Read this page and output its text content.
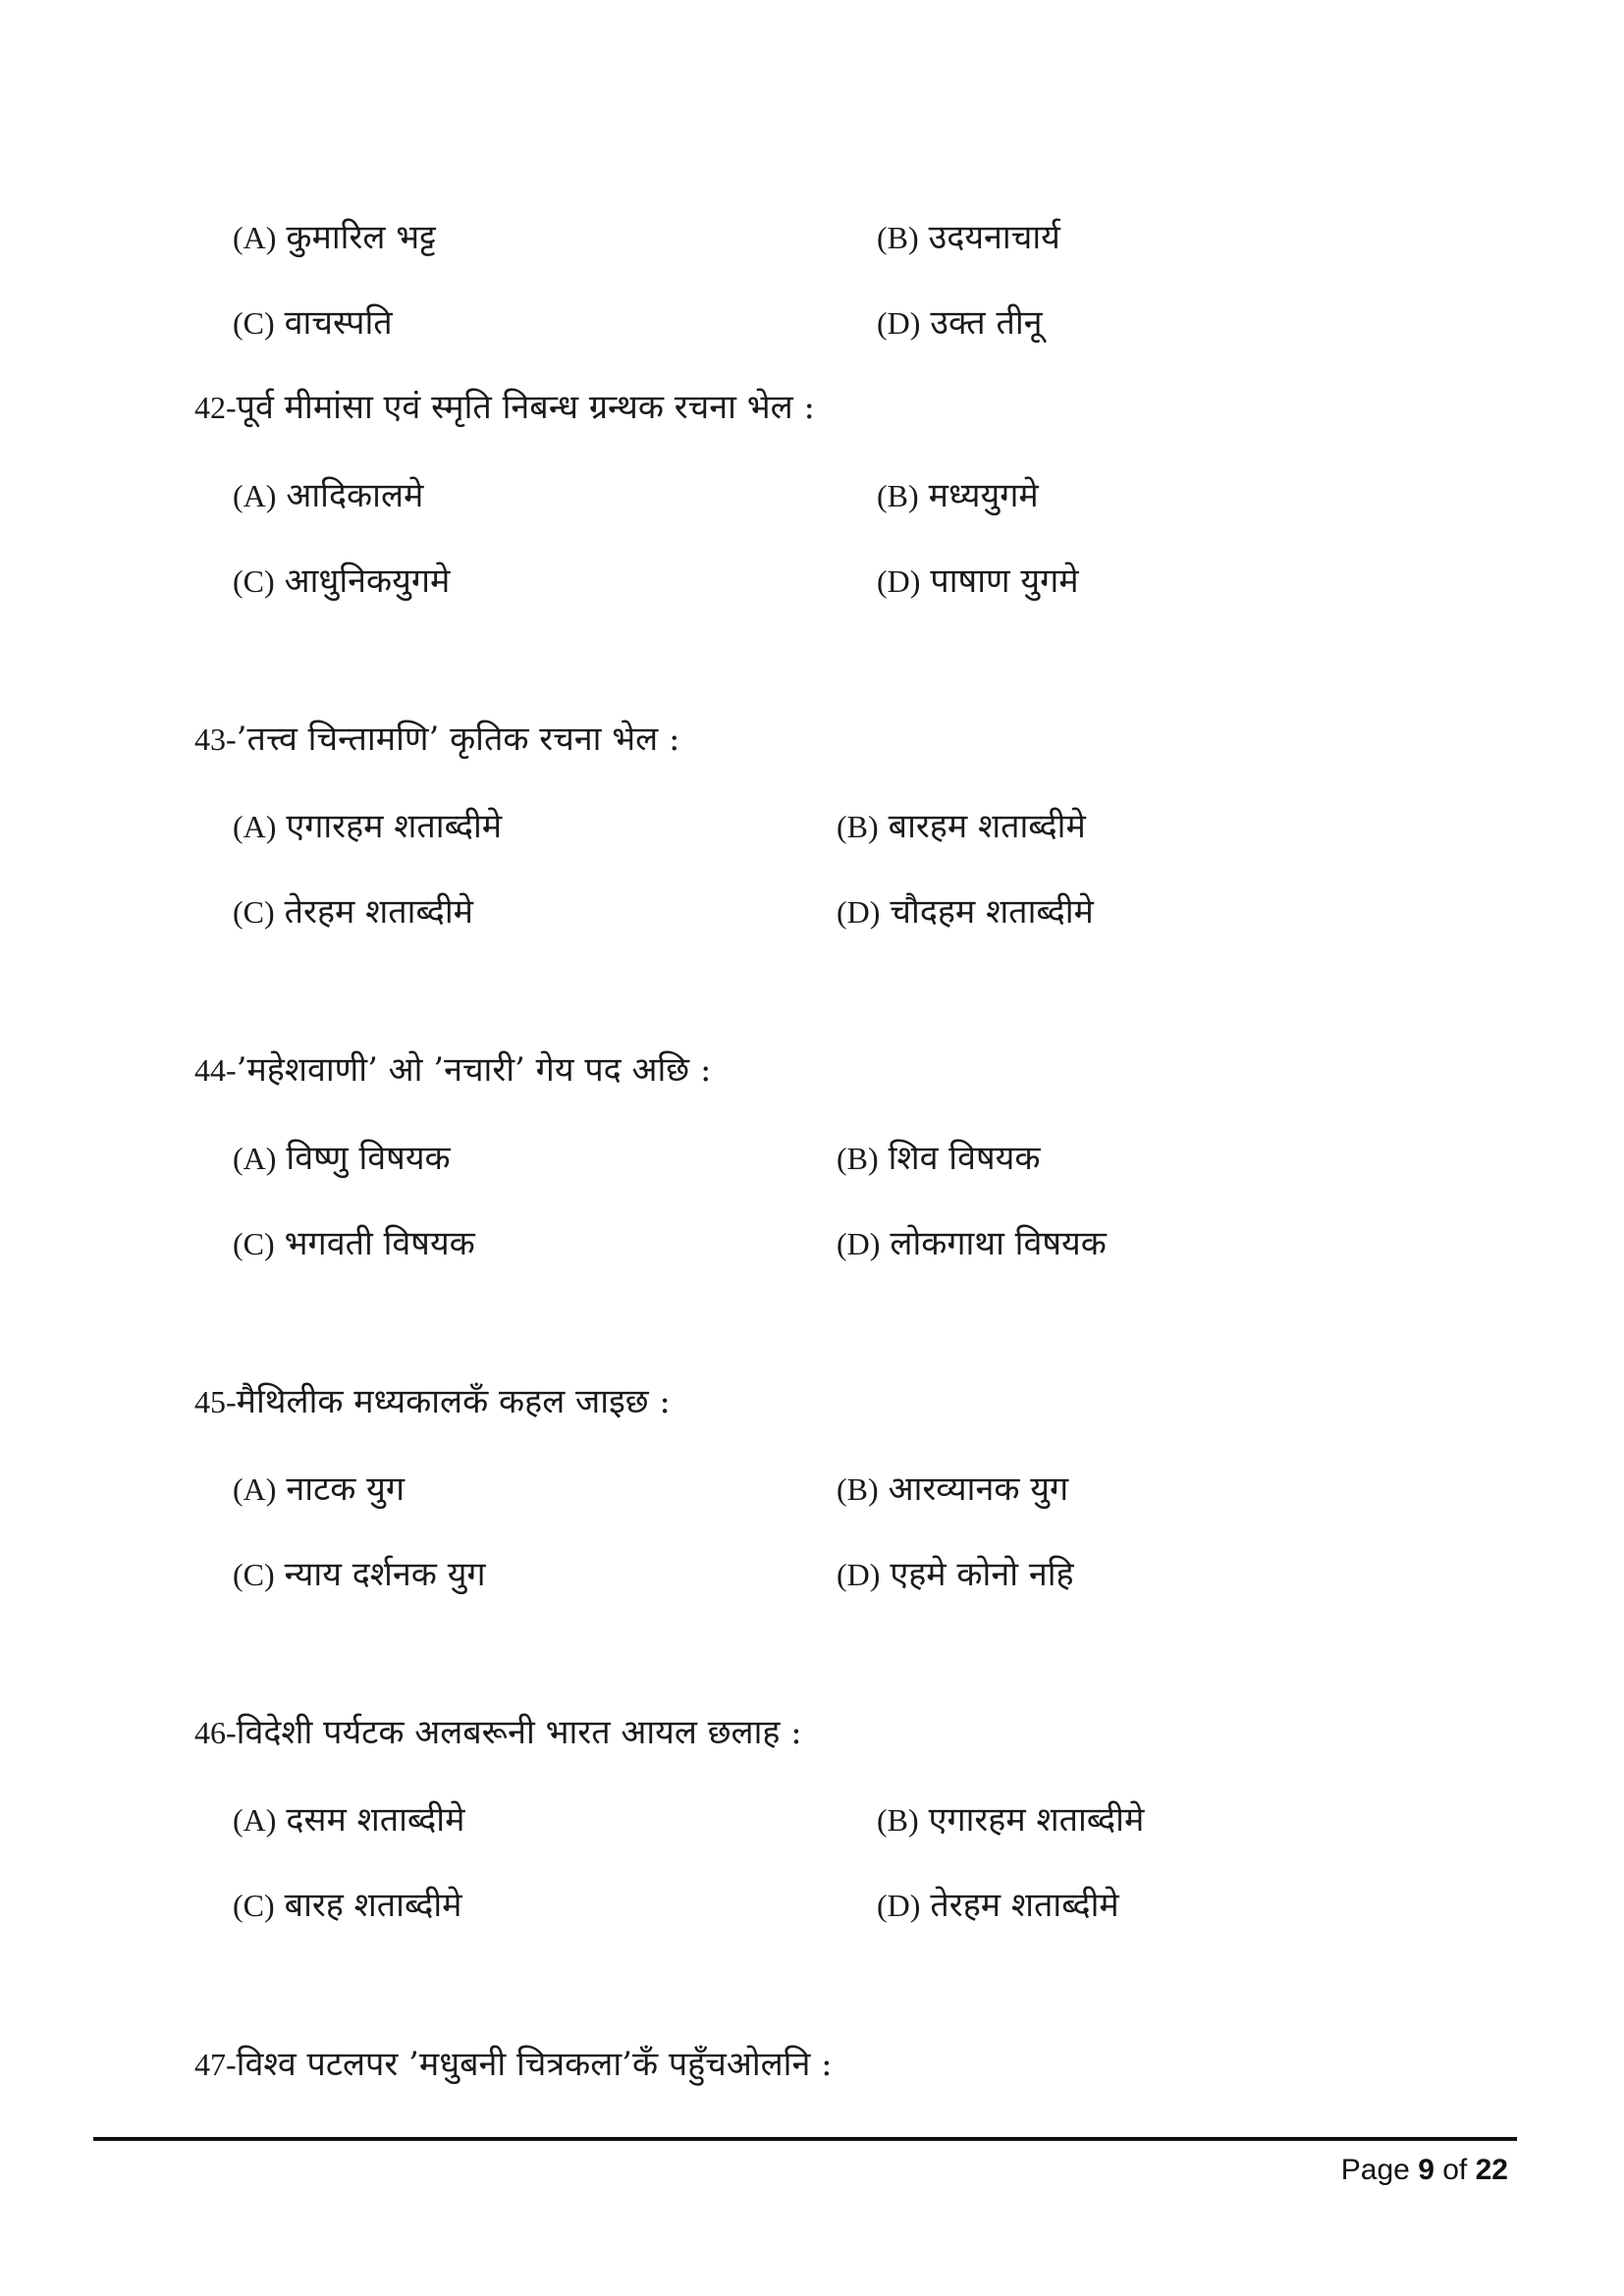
(A) कुमारिल भट्ट	(B) उदयनाचार्य
(C) वाचस्पति	(D) उक्त तीनू
42-पूर्व मीमांसा एवं स्मृति निबन्ध ग्रन्थक रचना भेल :
(A) आदिकालमे	(B) मध्ययुगमे
(C) आधुनिकयुगमे	(D) पाषाण युगमे
43-’तत्त्व चिन्तामणि’ कृतिक रचना भेल :
(A) एगारहम शताब्दीमे	(B) बारहम शताब्दीमे
(C) तेरहम शताब्दीमे	(D) चौदहम शताब्दीमे
44-’महेशवाणी’ ओ ’नचारी’ गेय पद अछि :
(A) विष्णु विषयक	(B) शिव विषयक
(C) भगवती विषयक	(D) लोकगाथा विषयक
45-मैथिलीक मध्यकालकँ कहल जाइछ :
(A) नाटक युग	(B) आरव्यानक युग
(C) न्याय दर्शनक युग	(D) एहमे कोनो नहि
46-विदेशी पर्यटक अलबरूनी भारत आयल छलाह :
(A) दसम शताब्दीमे	(B) एगारहम शताब्दीमे
(C) बारह शताब्दीमे	(D) तेरहम शताब्दीमे
47-विश्व पटलपर ’मधुबनी चित्रकला’कँ पहुँचओलनि :
Page 9 of 22
